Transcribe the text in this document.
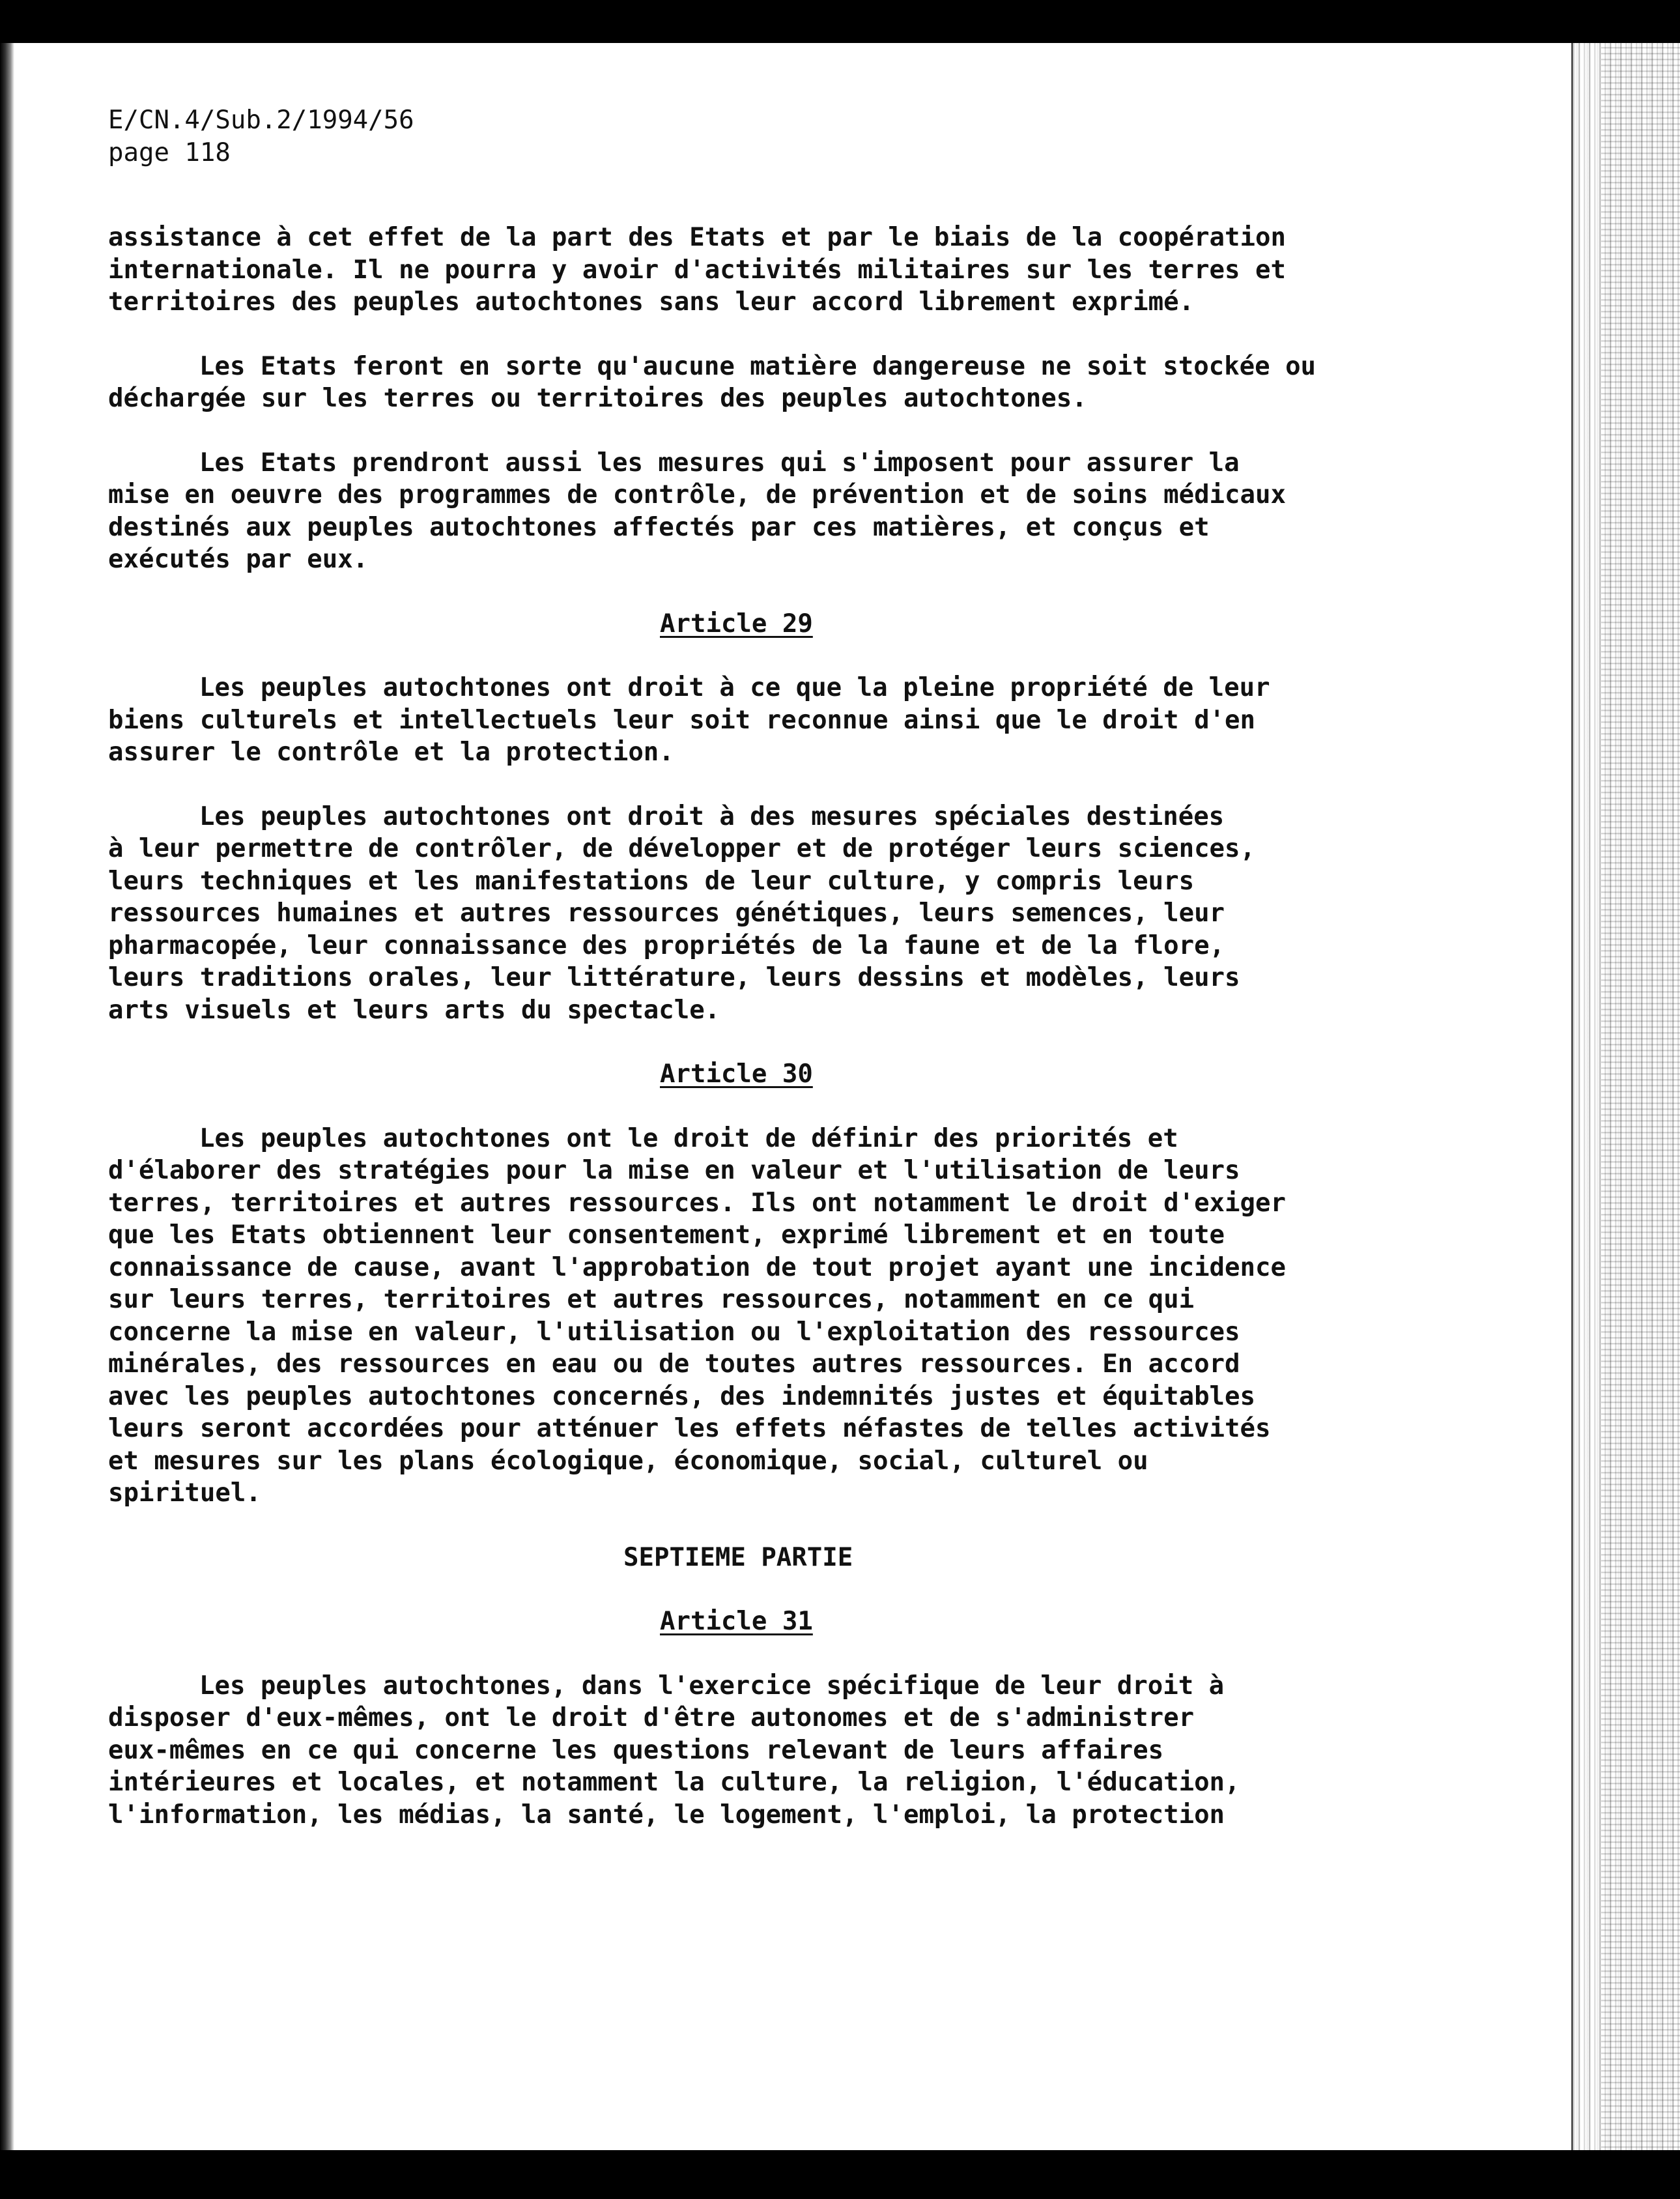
E/CN.4/Sub.2/1994/56
page 118
assistance à cet effet de la part des Etats et par le biais de la coopération
internationale. Il ne pourra y avoir d'activités militaires sur les terres et
territoires des peuples autochtones sans leur accord librement exprimé.
Les Etats feront en sorte qu'aucune matière dangereuse ne soit stockée ou
déchargée sur les terres ou territoires des peuples autochtones.
Les Etats prendront aussi les mesures qui s'imposent pour assurer la
mise en oeuvre des programmes de contrôle, de prévention et de soins médicaux
destinés aux peuples autochtones affectés par ces matières, et conçus et
exécutés par eux.
Article 29
Les peuples autochtones ont droit à ce que la pleine propriété de leur
biens culturels et intellectuels leur soit reconnue ainsi que le droit d'en
assurer le contrôle et la protection.
Les peuples autochtones ont droit à des mesures spéciales destinées
à leur permettre de contrôler, de développer et de protéger leurs sciences,
leurs techniques et les manifestations de leur culture, y compris leurs
ressources humaines et autres ressources génétiques, leurs semences, leur
pharmacopée, leur connaissance des propriétés de la faune et de la flore,
leurs traditions orales, leur littérature, leurs dessins et modèles, leurs
arts visuels et leurs arts du spectacle.
Article 30
Les peuples autochtones ont le droit de définir des priorités et
d'élaborer des stratégies pour la mise en valeur et l'utilisation de leurs
terres, territoires et autres ressources. Ils ont notamment le droit d'exiger
que les Etats obtiennent leur consentement, exprimé librement et en toute
connaissance de cause, avant l'approbation de tout projet ayant une incidence
sur leurs terres, territoires et autres ressources, notamment en ce qui
concerne la mise en valeur, l'utilisation ou l'exploitation des ressources
minérales, des ressources en eau ou de toutes autres ressources. En accord
avec les peuples autochtones concernés, des indemnités justes et équitables
leurs seront accordées pour atténuer les effets néfastes de telles activités
et mesures sur les plans écologique, économique, social, culturel ou
spirituel.
SEPTIEME PARTIE
Article 31
Les peuples autochtones, dans l'exercice spécifique de leur droit à
disposer d'eux-mêmes, ont le droit d'être autonomes et de s'administrer
eux-mêmes en ce qui concerne les questions relevant de leurs affaires
intérieures et locales, et notamment la culture, la religion, l'éducation,
l'information, les médias, la santé, le logement, l'emploi, la protection
